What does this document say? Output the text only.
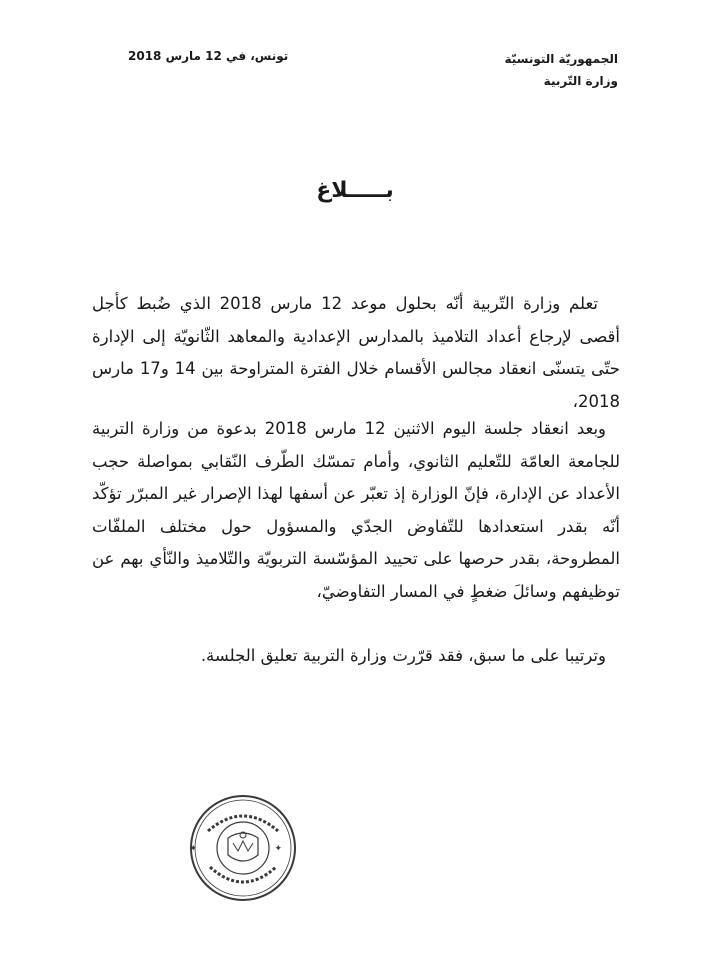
الجمهوريّة التونسيّة
وزارة التّربية
تونس، في 12 مارس 2018
بـــــلاغ

تعلم وزارة التّربية أنّه بحلول موعد 12 مارس 2018 الذي ضُبط كأجل أقصى لإرجاع أعداد التلاميذ بالمدارس الإعدادية والمعاهد الثّانويّة إلى الإدارة حتّى يتسنّى انعقاد مجالس الأقسام خلال الفترة المتراوحة بين 14 و17 مارس 2018،

وبعد انعقاد جلسة اليوم الاثنين 12 مارس 2018 بدعوة من وزارة التربية للجامعة العامّة للتّعليم الثانوي، وأمام تمسّك الطّرف النّقابي بمواصلة حجب الأعداد عن الإدارة، فإنّ الوزارة إذ تعبّر عن أسفها لهذا الإصرار غير المبرّر تؤكّد أنّه بقدر استعدادها للتّفاوض الجدّي والمسؤول حول مختلف الملفّات المطروحة، بقدر حرصها على تحييد المؤسّسة التربويّة والتّلاميذ والنّأي بهم عن توظيفهم وسائلَ ضغطٍ في المسار التفاوضيّ،

وترتيبا على ما سبق، فقد قرّرت وزارة التربية تعليق الجلسة.

✦	✦
